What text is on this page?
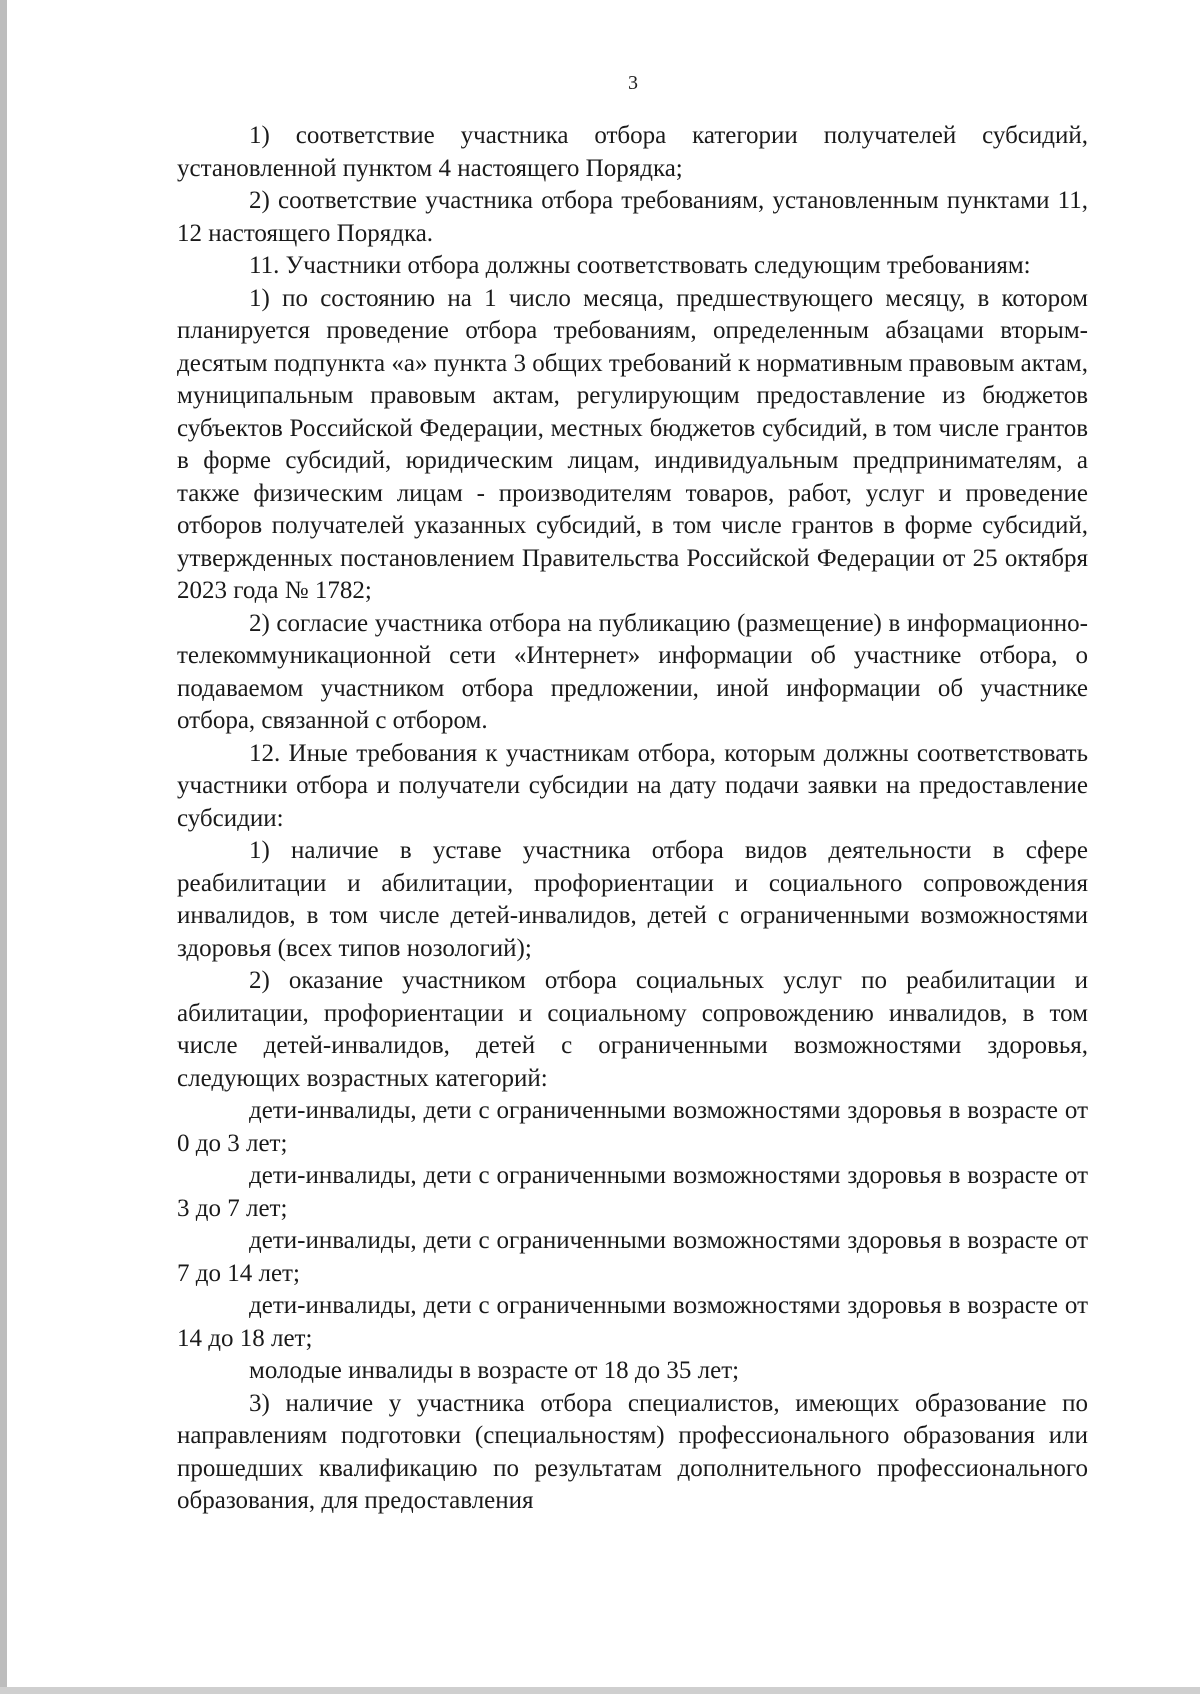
3

1) соответствие участника отбора категории получателей субсидий, установленной пунктом 4 настоящего Порядка;

2) соответствие участника отбора требованиям, установленным пунктами 11, 12 настоящего Порядка.

11. Участники отбора должны соответствовать следующим требованиям:

1) по состоянию на 1 число месяца, предшествующего месяцу, в котором планируется проведение отбора требованиям, определенным абзацами вторым-десятым подпункта «а» пункта 3 общих требований к нормативным правовым актам, муниципальным правовым актам, регулирующим предоставление из бюджетов субъектов Российской Федерации, местных бюджетов субсидий, в том числе грантов в форме субсидий, юридическим лицам, индивидуальным предпринимателям, а также физическим лицам - производителям товаров, работ, услуг и проведение отборов получателей указанных субсидий, в том числе грантов в форме субсидий, утвержденных постановлением Правительства Российской Федерации от 25 октября 2023 года № 1782;

2) согласие участника отбора на публикацию (размещение) в информационно-телекоммуникационной сети «Интернет» информации об участнике отбора, о подаваемом участником отбора предложении, иной информации об участнике отбора, связанной с отбором.

12. Иные требования к участникам отбора, которым должны соответствовать участники отбора и получатели субсидии на дату подачи заявки на предоставление субсидии:

1) наличие в уставе участника отбора видов деятельности в сфере реабилитации и абилитации, профориентации и социального сопровождения инвалидов, в том числе детей-инвалидов, детей с ограниченными возможностями здоровья (всех типов нозологий);

2) оказание участником отбора социальных услуг по реабилитации и абилитации, профориентации и социальному сопровождению инвалидов, в том числе детей-инвалидов, детей с ограниченными возможностями здоровья, следующих возрастных категорий:

дети-инвалиды, дети с ограниченными возможностями здоровья в возрасте от 0 до 3 лет;

дети-инвалиды, дети с ограниченными возможностями здоровья в возрасте от 3 до 7 лет;

дети-инвалиды, дети с ограниченными возможностями здоровья в возрасте от 7 до 14 лет;

дети-инвалиды, дети с ограниченными возможностями здоровья в возрасте от 14 до 18 лет;

молодые инвалиды в возрасте от 18 до 35 лет;

3) наличие у участника отбора специалистов, имеющих образование по направлениям подготовки (специальностям) профессионального образования или прошедших квалификацию по результатам дополнительного профессионального образования, для предоставления
